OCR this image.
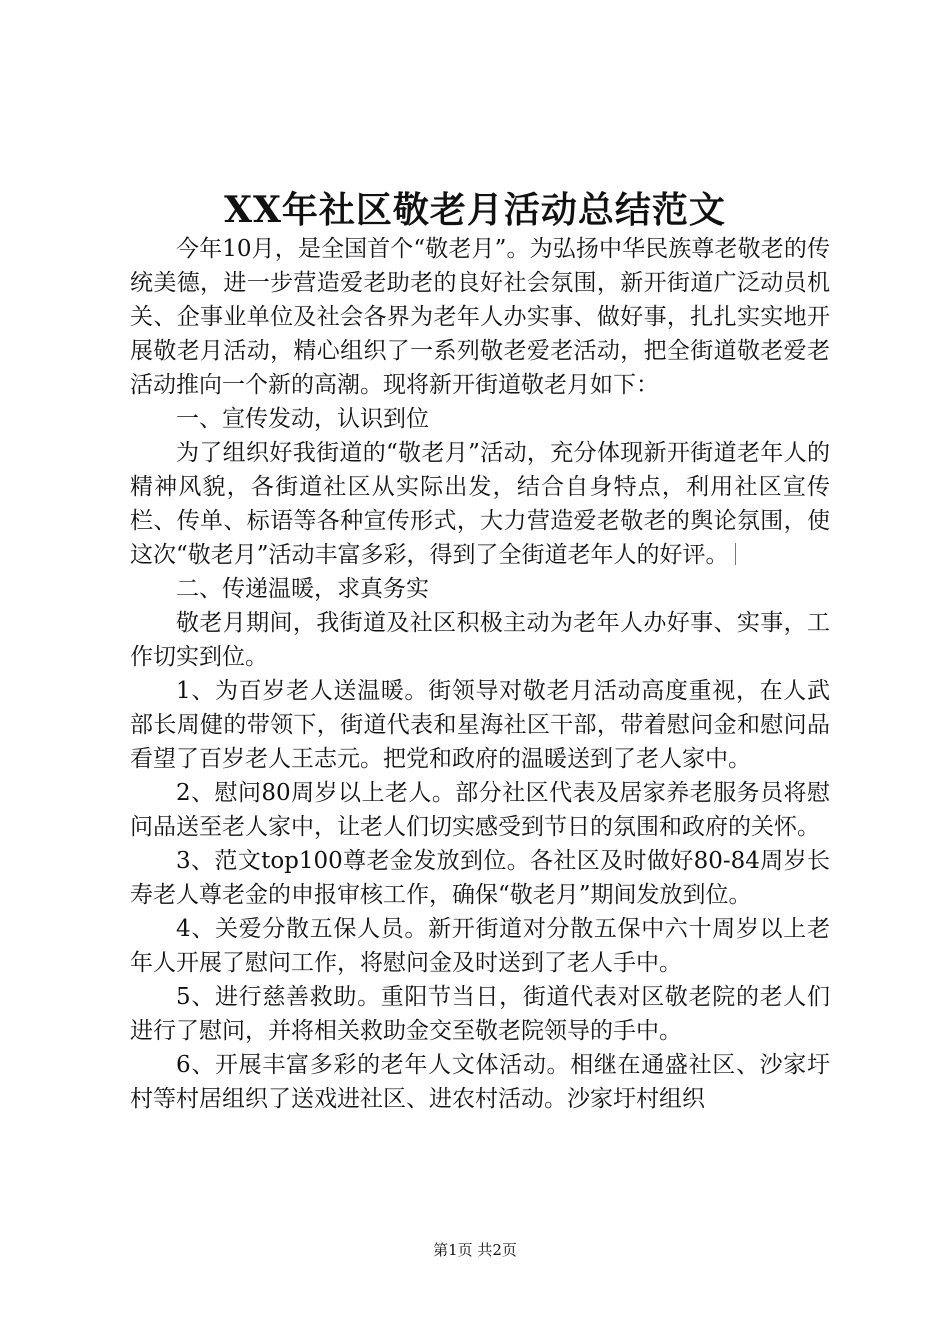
XX年社区敬老月活动总结范文

今年10月，是全国首个“敬老月”。为弘扬中华民族尊老敬老的传统美德，进一步营造爱老助老的良好社会氛围，新开街道广泛动员机关、企事业单位及社会各界为老年人办实事、做好事，扎扎实实地开展敬老月活动，精心组织了一系列敬老爱老活动，把全街道敬老爱老活动推向一个新的高潮。现将新开街道敬老月如下：

一、宣传发动，认识到位

为了组织好我街道的“敬老月”活动，充分体现新开街道老年人的精神风貌，各街道社区从实际出发，结合自身特点，利用社区宣传栏、传单、标语等各种宣传形式，大力营造爱老敬老的舆论氛围，使这次“敬老月”活动丰富多彩，得到了全街道老年人的好评。

二、传递温暖，求真务实

敬老月期间，我街道及社区积极主动为老年人办好事、实事，工作切实到位。

1、为百岁老人送温暖。街领导对敬老月活动高度重视，在人武部长周健的带领下，街道代表和星海社区干部，带着慰问金和慰问品看望了百岁老人王志元。把党和政府的温暖送到了老人家中。

2、慰问80周岁以上老人。部分社区代表及居家养老服务员将慰问品送至老人家中，让老人们切实感受到节日的氛围和政府的关怀。

3、范文top100尊老金发放到位。各社区及时做好80-84周岁长寿老人尊老金的申报审核工作，确保“敬老月”期间发放到位。

4、关爱分散五保人员。新开街道对分散五保中六十周岁以上老年人开展了慰问工作，将慰问金及时送到了老人手中。

5、进行慈善救助。重阳节当日，街道代表对区敬老院的老人们进行了慰问，并将相关救助金交至敬老院领导的手中。

6、开展丰富多彩的老年人文体活动。相继在通盛社区、沙家圩村等村居组织了送戏进社区、进农村活动。沙家圩村组织

第1页 共2页
